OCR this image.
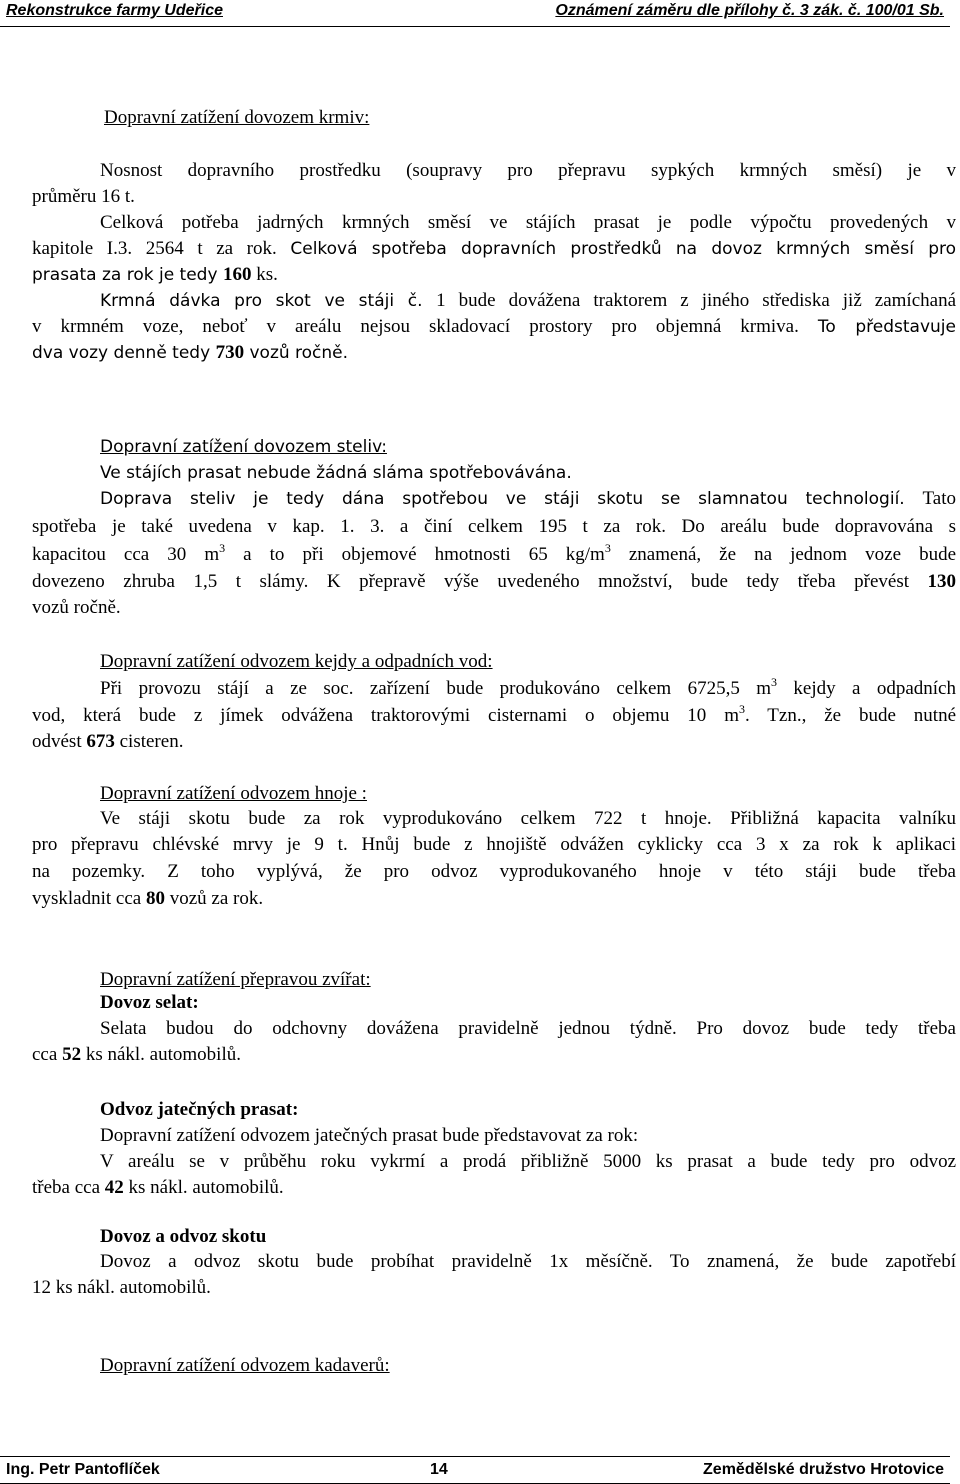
Rekonstrukce farmy Udeřice	Oznámení záměru dle přílohy č. 3 zák. č. 100/01 Sb.
Dopravní zatížení dovozem krmiv:
Nosnost dopravního prostředku (soupravy pro přepravu sypkých krmných směsí) je v
průměru 16 t.
Celková potřeba jadrných krmných směsí ve stájích prasat je podle výpočtu provedených v
kapitole I.3. 2564 t za rok. Celková spotřeba dopravních prostředků na dovoz krmných směsí pro
prasata za rok je tedy 160 ks.
Krmná dávka pro skot ve stáji č. 1 bude dovážena traktorem z jiného střediska již zamíchaná
v krmném voze, neboť v areálu nejsou skladovací prostory pro objemná krmiva. To představuje
dva vozy denně tedy 730 vozů ročně.
Dopravní zatížení dovozem steliv:
Ve stájích prasat nebude žádná sláma spotřebovávána.
Doprava steliv je tedy dána spotřebou ve stáji skotu se slamnatou technologií. Tato
spotřeba je také uvedena v kap. 1. 3. a činí celkem 195 t za rok. Do areálu bude dopravována s
kapacitou cca 30 $m^3$ a to při objemové hmotnosti 65 $kg/m^3$ znamená, že na jednom voze bude
dovezeno zhruba 1,5 t slámy. K přepravě výše uvedeného množství, bude tedy třeba převést 130
vozů ročně.
Dopravní zatížení odvozem kejdy a odpadních vod:
Při provozu stájí a ze soc. zařízení bude produkováno celkem 6725,5 $m^3$ kejdy a odpadních
vod, která bude z jímek odvážena traktorovými cisternami o objemu 10 $m^3$. Tzn., že bude nutné
odvést 673 cisteren.
Dopravní zatížení odvozem hnoje :
Ve stáji skotu bude za rok vyprodukováno celkem 722 t hnoje. Přibližná kapacita valníku
pro přepravu chlévské mrvy je 9 t. Hnůj bude z hnojiště odvážen cyklicky cca 3 x za rok k aplikaci
na pozemky. Z toho vyplývá, že pro odvoz vyprodukovaného hnoje v této stáji bude třeba
vyskladnit cca 80 vozů za rok.
Dopravní zatížení přepravou zvířat:
Dovoz selat:
Selata budou do odchovny dovážena pravidelně jednou týdně. Pro dovoz bude tedy třeba
cca 52 ks nákl. automobilů.
Odvoz jatečných prasat:
Dopravní zatížení odvozem jatečných prasat bude představovat za rok:
V areálu se v průběhu roku vykrmí a prodá přibližně 5000 ks prasat a bude tedy pro odvoz
třeba cca 42 ks nákl. automobilů.
Dovoz a odvoz skotu
Dovoz a odvoz skotu bude probíhat pravidelně 1x měsíčně. To znamená, že bude zapotřebí
12 ks nákl. automobilů.
Dopravní zatížení odvozem kadaverů:
Ing. Petr Pantoflíček	14	Zemědělské družstvo Hrotovice
